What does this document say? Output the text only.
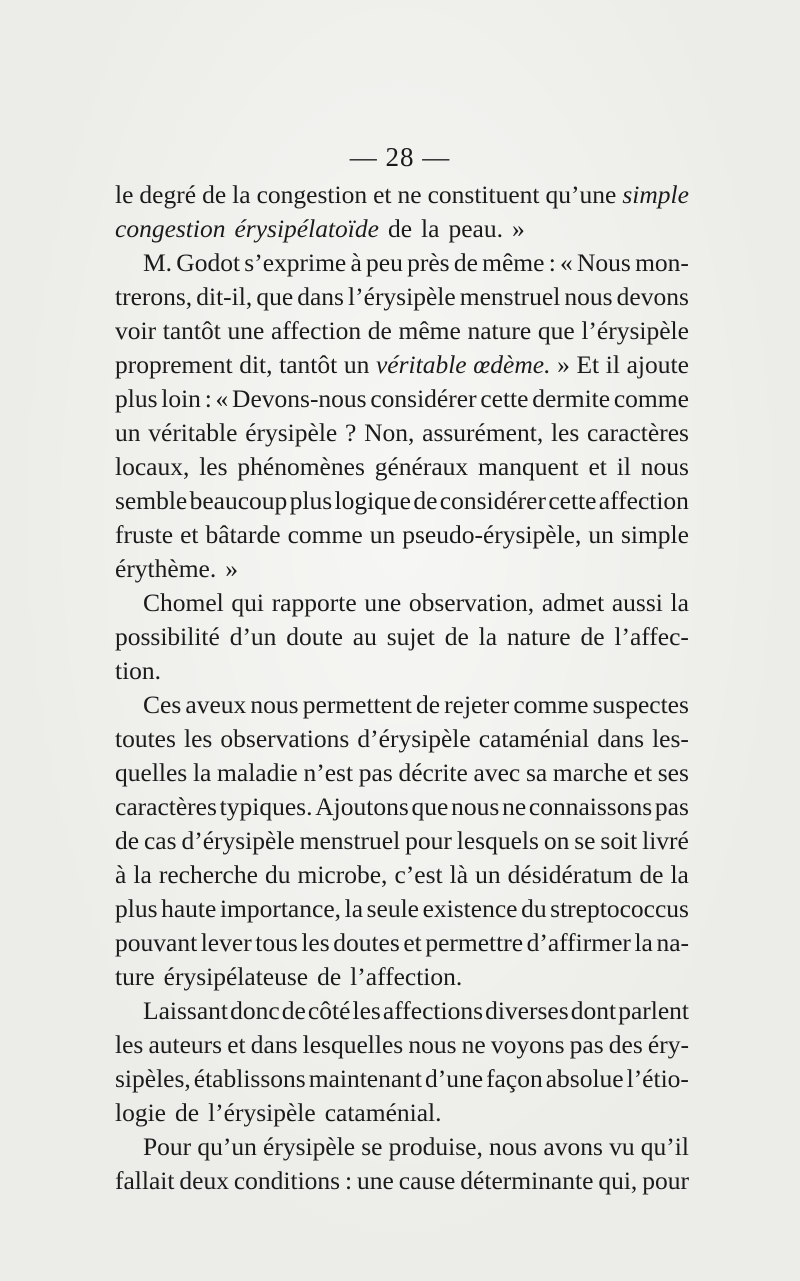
— 28 —
le degré de la congestion et ne constituent qu’une simple
congestion érysipélatoïde de la peau. »
M. Godot s’exprime à peu près de même : « Nous mon-
trerons, dit-il, que dans l’érysipèle menstruel nous devons
voir tantôt une affection de même nature que l’érysipèle
proprement dit, tantôt un véritable œdème. » Et il ajoute
plus loin : « Devons-nous considérer cette dermite comme
un véritable érysipèle ? Non, assurément, les caractères
locaux, les phénomènes généraux manquent et il nous
semble beaucoup plus logique de considérer cette affection
fruste et bâtarde comme un pseudo-érysipèle, un simple
érythème. »
Chomel qui rapporte une observation, admet aussi la
possibilité d’un doute au sujet de la nature de l’affec-
tion.
Ces aveux nous permettent de rejeter comme suspectes
toutes les observations d’érysipèle cataménial dans les-
quelles la maladie n’est pas décrite avec sa marche et ses
caractères typiques. Ajoutons que nous ne connaissons pas
de cas d’érysipèle menstruel pour lesquels on se soit livré
à la recherche du microbe, c’est là un désidératum de la
plus haute importance, la seule existence du streptococcus
pouvant lever tous les doutes et permettre d’affirmer la na-
ture érysipélateuse de l’affection.
Laissant donc de côté les affections diverses dont parlent
les auteurs et dans lesquelles nous ne voyons pas des éry-
sipèles, établissons maintenant d’une façon absolue l’étio-
logie de l’érysipèle cataménial.
Pour qu’un érysipèle se produise, nous avons vu qu’il
fallait deux conditions : une cause déterminante qui, pour
